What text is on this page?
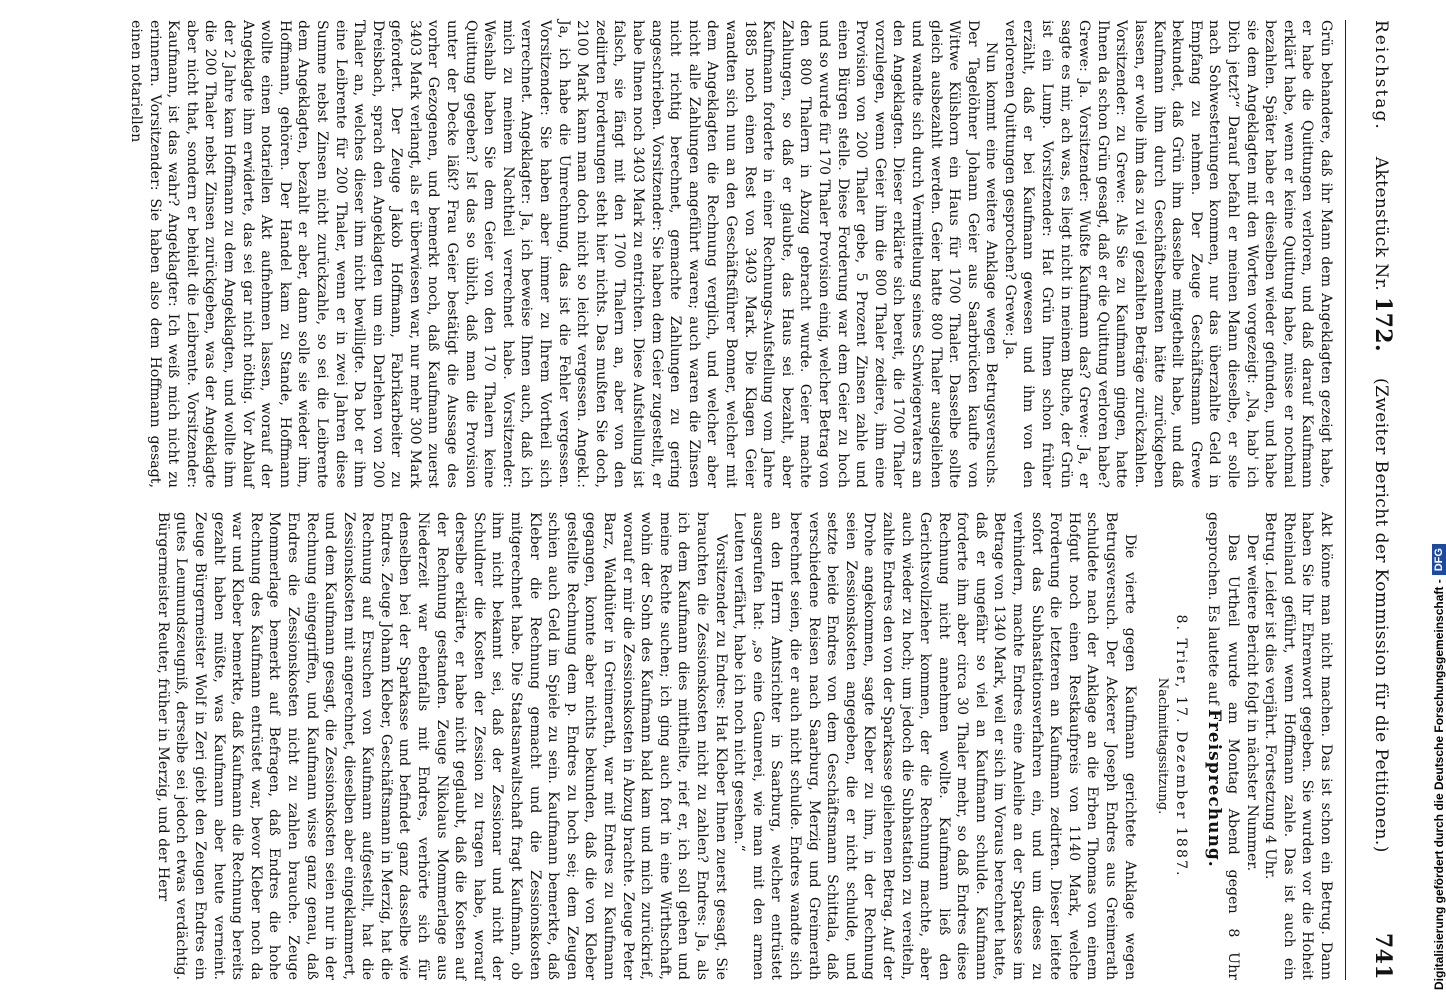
Reichstag.
Aktenstück Nr. 172.
(Zweiter Bericht der Kommission für die Petitionen.)
741

Grün behandere, daß ihr Mann dem Angeklagten gezeigt habe, er habe die Quittungen verloren, und daß darauf Kaufmann erklärt habe, wenn er keine Quittung habe, müsse er nochmal bezahlen. Später habe er dieselben wieder gefunden, und habe sie dem Angeklagten mit den Worten vorgezeigt: „Na, hab' ich Dich jetzt?“ Darauf befahl er meinen Mann dieselbe, er solle nach Sohwesteriungen kommen, nur das überzahlte Geld in Empfang zu nehmen. Der Zeuge Geschäftsmann Grewe bekundet, daß Grün ihm dasselbe mitgetheilt habe, und daß Kaufmann ihm durch Geschäftsbeamten hätte zurückgeben lassen, er wolle ihm das zu viel gezahlten Beträge zurückzahlen. Vorsitzender: zu Grewe: Als Sie zu Kaufmann gingen, hatte Ihnen da schon Grün gesagt, daß er die Quittung verloren habe? Grewe: Ja. Vorsitzender: Wußte Kaufmann das? Grewe: Ja, er sagte es mir, ach was, es liegt nicht in meinem Buche, der Grün ist ein Lump. Vorsitzender: Hat Grün Ihnen schon früher erzählt, daß er bei Kaufmann gewesen und ihm von den verlorenen Quittungen gesprochen? Grewe: Ja.

Nun kommt eine weitere Anklage wegen Betrugsversuchs. Der Tagelöhner Johann Geier aus Saarbrücken kaufte von Wittwe Külshorn ein Haus für 1700 Thaler. Dasselbe sollte gleich ausbezahlt werden. Geier hatte 800 Thaler ausgeliehen und wandte sich durch Vermittelung seines Schwiegervaters an den Angeklagten. Dieser erklärte sich bereit, die 1700 Thaler vorzulegen, wenn Geier ihm die 800 Thaler zediere, ihm eine Provision von 200 Thaler gebe, 5 Prozent Zinsen zahle und einen Bürgen stelle. Diese Forderung war dem Geier zu hoch und so wurde für 170 Thaler Provision einig, welcher Betrag von den 800 Thalern in Abzug gebracht wurde. Geier machte Zahlungen, so daß er glaubte, das Haus sei bezahlt, aber Kaufmann forderte in einer Rechnungs-Aufstellung vom Jahre 1885 noch einen Rest von 3403 Mark. Die Klagen Geier wandten sich nun an den Geschäftsführer Bonner, welcher mit dem Angeklagten die Rechnung verglich, und welcher aber nicht alle Zahlungen angeführt waren; auch waren die Zinsen nicht richtig berechnet, gemachte Zahlungen zu gering angeschrieben. Vorsitzender: Sie haben dem Geier zugestellt, er habe Ihnen noch 3403 Mark zu entrichten. Diese Aufstellung ist falsch, sie fängt mit den 1700 Thalern an, aber von den zediirten Forderungen steht hier nichts. Das mußten Sie doch, 2100 Mark kann man doch nicht so leicht vergessen. Angekl.: Ja, ich habe die Umrechnung, das ist die Fehler vergessen. Vorsitzender: Sie haben aber immer zu Ihrem Vortheil sich verrechnet. Angeklagter: Ja, ich beweise Ihnen auch, daß ich mich zu meinem Nachtheil verrechnet habe. Vorsitzender: Weshalb haben Sie dem Geier von den 170 Thalern keine Quittung gegeben? Ist das so üblich, daß man die Provision unter der Decke läßt? Frau Geier bestätigt die Aussage des vorher Gezogenen, und bemerkt noch, daß Kaufmann zuerst 3403 Mark verlangt, als er überwiesen war, nur mehr 300 Mark gefordert. Der Zeuge Jakob Hoffmann, Fabrikarbeiter zu Dreisbach, sprach den Angeklagten um ein Darlehen von 200 Thaler an, welches dieser ihm nicht bewilligte. Da bot er ihm eine Leibrente für 200 Thaler, wenn er in zwei Jahren diese Summe nebst Zinsen nicht zurückzahle, so sei die Leibrente dem Angeklagten, bezahlt er aber, dann solle sie wieder ihm, Hoffmann, gehören. Der Handel kam zu Stande, Hoffmann wollte einen notariellen Akt aufnehmen lassen, worauf der Angeklagte ihm erwiderte, das sei gar nicht nöthig. Vor Ablauf der 2 Jahre kam Hoffmann zu dem Angeklagten, und wollte ihm die 200 Thaler nebst Zinsen zurückgeben, was der Angeklagte aber nicht that, sondern er behielt die Leibrente. Vorsitzender: Kaufmann, ist das wahr? Angeklagter: Ich weiß mich nicht zu erinnern. Vorsitzender: Sie haben also dem Hoffmann gesagt, einen notariellen

Akt könne man nicht machen. Das ist schon ein Betrug. Dann haben Sie Ihr Ehrenwort gegeben. Sie wurden vor die Hoheit Rheinland geführt, wenn Hoffmann zahle. Das ist auch ein Betrug. Leider ist dies verjährt. Fortsetzung 4 Uhr.

Der weitere Bericht folgt in nächster Nummer.

Das Urtheil wurde am Montag Abend gegen 8 Uhr gesprochen. Es lautete auf Freisprechung.

8. Trier, 17. Dezember 1887.

Nachmittagssitzung.

Die vierte gegen Kaufmann gerichtete Anklage wegen Betrugsversuch. Der Ackerer Joseph Endres aus Greimerath schuldete nach der Anklage an die Erben Thomas von einem Hofgut noch einen Restkaufpreis von 1140 Mark, welche Forderung die letzteren an Kaufmann zedirten. Dieser leitete sofort das Subhastationsverfahren ein, und um dieses zu verhindern, machte Endres eine Anleihe an der Sparkasse im Betrage von 1340 Mark, weil er sich im Voraus berechnet hatte, daß er ungefähr so viel an Kaufmann schulde. Kaufmann forderte ihm aber circa 30 Thaler mehr, so daß Endres diese Rechnung nicht annehmen wollte. Kaufmann ließ den Gerichtsvollzieher kommen, der die Rechnung machte, aber auch wieder zu hoch; um jedoch die Subhastation zu vereiteln, zahlte Endres den von der Sparkasse geliehenen Betrag. Auf der Drohe angekommen, sagte Kleber zu ihm, in der Rechnung seien Zessionskosten angegeben, die er nicht schulde, und setzte beide Endres von dem Geschäftsmann Schittala, daß verschiedene Reisen nach Saarburg, Merzig und Greimerath berechnet seien, die er auch nicht schulde. Endres wandte sich an den Herrn Amtsrichter in Saarburg, welcher entrüstet ausgerufen hat: „so eine Gaunerei, wie man mit den armen Leuten verfährt, habe ich noch nicht gesehen.“

Vorsitzender zu Endres: Hat Kleber Ihnen zuerst gesagt, Sie brauchten die Zessionskosten nicht zu zahlen? Endres: Ja, als ich dem Kaufmann dies mittheilte, rief er, ich soll gehen und meine Rechte suchen; ich ging auch fort in eine Wirthschaft, wohin der Sohn des Kaufmann bald kam und mich zurückrief, worauf er mir die Zessionskosten in Abzug brachte. Zeuge Peter Barz, Waldhüter in Greimerath, war mit Endres zu Kaufmann gegangen, konnte aber nichts bekunden, daß die von Kleber gestellte Rechnung dem p. Endres zu hoch sei; dem Zeugen schien auch Geld im Spiele zu sein. Kaufmann bemerkte, daß Kleber die Rechnung gemacht und die Zessionskosten mitgerechnet habe. Die Staatsanwaltschaft fragt Kaufmann, ob ihm nicht bekannt sei, daß der Zessionar und nicht der Schuldner die Kosten der Zession zu tragen habe, worauf derselbe erklärte, er habe nicht geglaubt, daß die Kosten auf der Rechnung gestanden. Zeuge Nikolaus Mommerlage aus Niederzeit war ebenfalls mit Endres, verhörte sich für denselben bei der Sparkasse und befindet ganz dasselbe wie Endres. Zeuge Johann Kleber, Geschäftsmann in Merzig, hat die Rechnung auf Ersuchen von Kaufmann aufgestellt, hat die Zessionskosten mit angerechnet, dieselben aber eingeklammert, und dem Kaufmann gesagt, die Zessionskosten seien nur in der Rechnung eingegriffen, und Kaufmann wisse ganz genau, daß Endres die Zessionskosten nicht zu zahlen brauche. Zeuge Mommerlage bemerkt auf Befragen, daß Endres die hohe Rechnung des Kaufmann entrüstet war, bevor Kleber noch da war und Kleber bemerkte, daß Kaufmann die Rechnung bereits gezahlt haben müßte, was Kaufmann aber heute verneint. Zeuge Bürgermeister Wolf in Zeri giebt den Zeugen Endres ein gutes Leumundszeugniß, derselbe sei jedoch etwas verdächtig. Bürgermeister Reuter, früher in Merzig, und der Herr	Digitalisierung gefördert durch die Deutsche Forschungsgemeinschaft -
DFG
